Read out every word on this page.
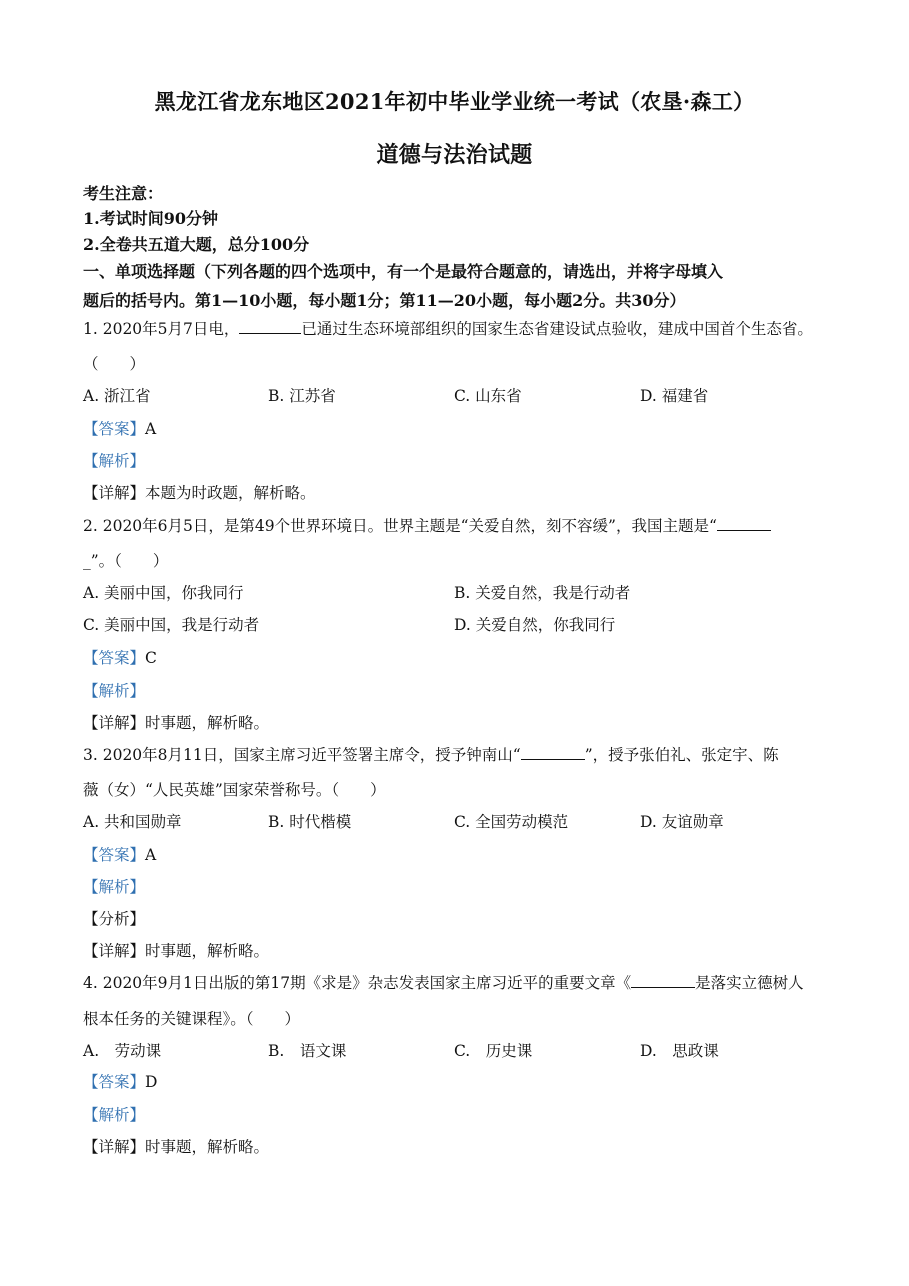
黑龙江省龙东地区2021年初中毕业学业统一考试（农垦·森工）
道德与法治试题
考生注意：
1.考试时间90分钟
2.全卷共五道大题，总分100分
一、单项选择题（下列各题的四个选项中，有一个是最符合题意的，请选出，并将字母填入
题后的括号内。第1—10小题，每小题1分；第11—20小题，每小题2分。共30分）
1. 2020年5月7日电，	已通过生态环境部组织的国家生态省建设试点验收，建成中国首个生态省。
（　　）
A. 浙江省	B. 江苏省	C. 山东省	D. 福建省
【答案】A
【解析】
【详解】本题为时政题，解析略。
2. 2020年6月5日，是第49个世界环境日。世界主题是“关爱自然，刻不容缓”，我国主题是“
_”。（　　）
A. 美丽中国，你我同行	B. 关爱自然，我是行动者
C. 美丽中国，我是行动者	D. 关爱自然，你我同行
【答案】C
【解析】
【详解】时事题，解析略。
3. 2020年8月11日，国家主席习近平签署主席令，授予钟南山“	”，授予张伯礼、张定宇、陈
薇（女）“人民英雄”国家荣誉称号。（　　）
A. 共和国勋章	B. 时代楷模	C. 全国劳动模范	D. 友谊勋章
【答案】A
【解析】
【分析】
【详解】时事题，解析略。
4. 2020年9月1日出版的第17期《求是》杂志发表国家主席习近平的重要文章《	是落实立德树人
根本任务的关键课程》。（　　）
A.　劳动课	B.　语文课	C.　历史课	D.　思政课
【答案】D
【解析】
【详解】时事题，解析略。
